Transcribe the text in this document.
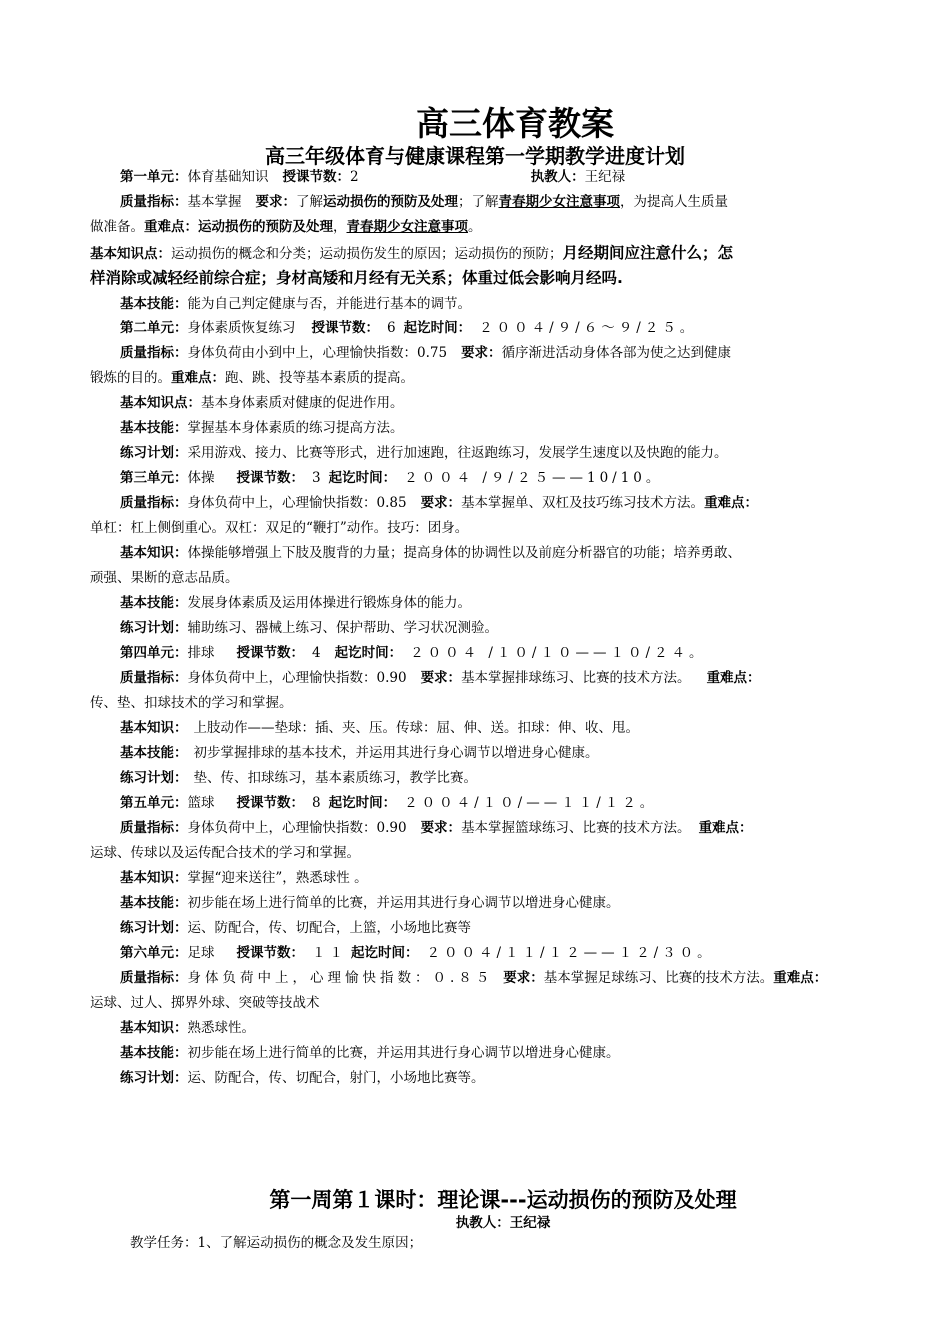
高三体育教案
高三年级体育与健康课程第一学期教学进度计划
第一单元：体育基础知识 授课节数：2	执教人：王纪禄
质量指标：基本掌握 要求：了解运动损伤的预防及处理；了解青春期少女注意事项，为提高人生质量
做准备。重难点：运动损伤的预防及处理，青春期少女注意事项。
基本知识点：运动损伤的概念和分类；运动损伤发生的原因；运动损伤的预防；月经期间应注意什么；怎
样消除或减轻经前综合症；身材高矮和月经有无关系；体重过低会影响月经吗.
基本技能：能为自己判定健康与否，并能进行基本的调节。
第二单元：身体素质恢复练习 授课节数： 6 起讫时间： ２００４/９/６～９/２５。
质量指标：身体负荷由小到中上，心理愉快指数：0.75 要求：循序渐进活动身体各部为使之达到健康
锻炼的目的。重难点：跑、跳、投等基本素质的提高。
基本知识点：基本身体素质对健康的促进作用。
基本技能：掌握基本身体素质的练习提高方法。
练习计划：采用游戏、接力、比赛等形式，进行加速跑，往返跑练习，发展学生速度以及快跑的能力。
第三单元：体操 授课节数： 3 起讫时间： ２００４ /９/２５——10/10。
质量指标：身体负荷中上，心理愉快指数：0.85 要求：基本掌握单、双杠及技巧练习技术方法。重难点：
单杠：杠上侧倒重心。双杠：双足的“鞭打”动作。技巧：团身。
基本知识：体操能够增强上下肢及腹背的力量；提高身体的协调性以及前庭分析器官的功能；培养勇敢、
顽强、果断的意志品质。
基本技能：发展身体素质及运用体操进行锻炼身体的能力。
练习计划：辅助练习、器械上练习、保护帮助、学习状况测验。
第四单元：排球 授课节数： 4 起讫时间： ２００４ /１０/１０——１０/２４。
质量指标：身体负荷中上，心理愉快指数：0.90 要求：基本掌握排球练习、比赛的技术方法。 重难点：
传、垫、扣球技术的学习和掌握。
基本知识： 上肢动作——垫球：插、夹、压。传球：屈、伸、送。扣球：伸、收、甩。
基本技能： 初步掌握排球的基本技术，并运用其进行身心调节以增进身心健康。
练习计划： 垫、传、扣球练习，基本素质练习，教学比赛。
第五单元：篮球 授课节数： 8 起讫时间： ２００４/１０/——１１/１２。
质量指标：身体负荷中上，心理愉快指数：0.90 要求：基本掌握篮球练习、比赛的技术方法。 重难点：
运球、传球以及运传配合技术的学习和掌握。
基本知识：掌握“迎来送往”，熟悉球性 。
基本技能：初步能在场上进行简单的比赛，并运用其进行身心调节以增进身心健康。
练习计划：运、防配合，传、切配合，上篮，小场地比赛等
第六单元：足球 授课节数： １１ 起讫时间： ２００４/１１/１２——１２/３０。
质量指标：身体负荷中上，心理愉快指数：０.８５ 要求：基本掌握足球练习、比赛的技术方法。重难点：
运球、过人、掷界外球、突破等技战术
基本知识：熟悉球性。
基本技能：初步能在场上进行简单的比赛，并运用其进行身心调节以增进身心健康。
练习计划：运、防配合，传、切配合，射门，小场地比赛等。
第一周第１课时：理论课---运动损伤的预防及处理
执教人：王纪禄
教学任务：1、了解运动损伤的概念及发生原因；
